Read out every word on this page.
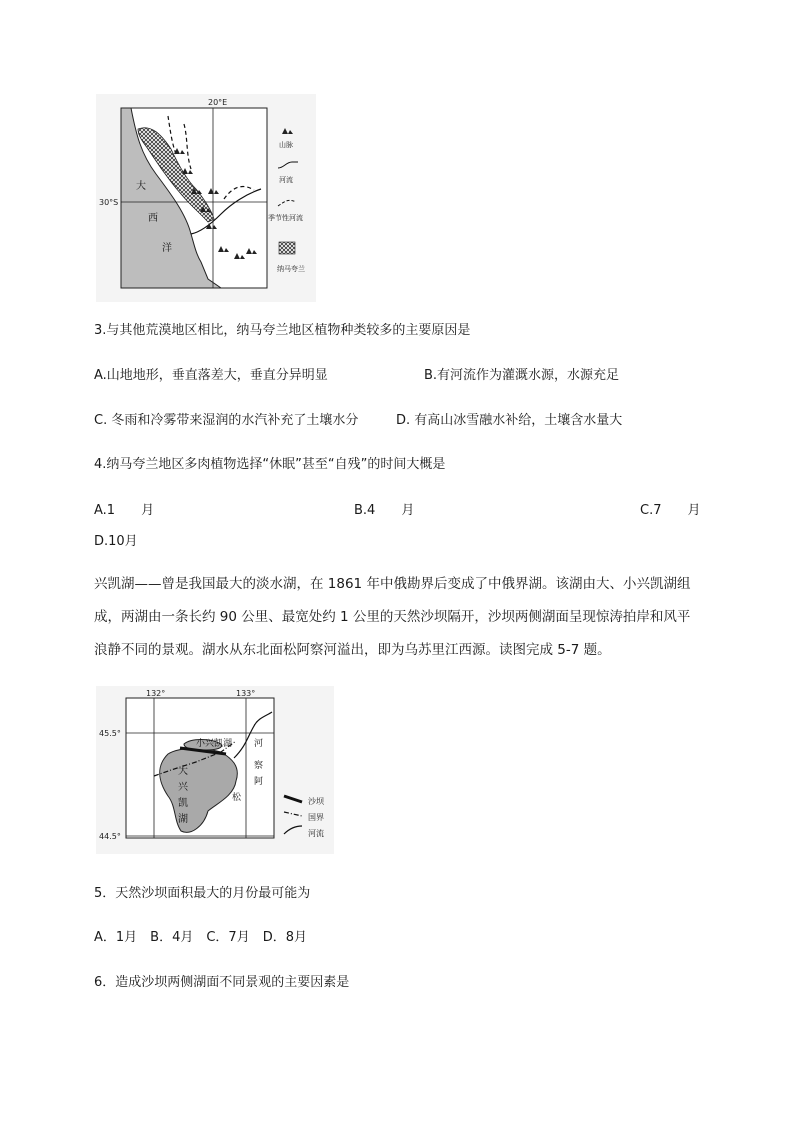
20°E
30°S
大
西
洋
山脉
河流
季节性河流
纳马夸兰
3.与其他荒漠地区相比，纳马夸兰地区植物种类较多的主要原因是
A.山地地形，垂直落差大，垂直分异明显	B.有河流作为灌溉水源，水源充足
C. 冬雨和冷雾带来湿润的水汽补充了土壤水分	D. 有高山冰雪融水补给，土壤含水量大
4.纳马夸兰地区多肉植物选择“休眠”甚至“自残”的时间大概是
A.1　　月	B.4　　月	C.7　　月
D.10月
兴凯湖——曾是我国最大的淡水湖，在 1861 年中俄勘界后变成了中俄界湖。该湖由大、小兴凯湖组成，两湖由一条长约 90 公里、最宽处约 1 公里的天然沙坝隔开，沙坝两侧湖面呈现惊涛拍岸和风平浪静不同的景观。湖水从东北面松阿察河溢出，即为乌苏里江西源。读图完成 5-7 题。
132°	133°
45.5°
44.5°
小兴凯湖
大
兴
凯
湖
河
察
阿
松	沙坝
国界
河流
5．天然沙坝面积最大的月份最可能为
A．1月　B．4月　C．7月　D．8月
6．造成沙坝两侧湖面不同景观的主要因素是
